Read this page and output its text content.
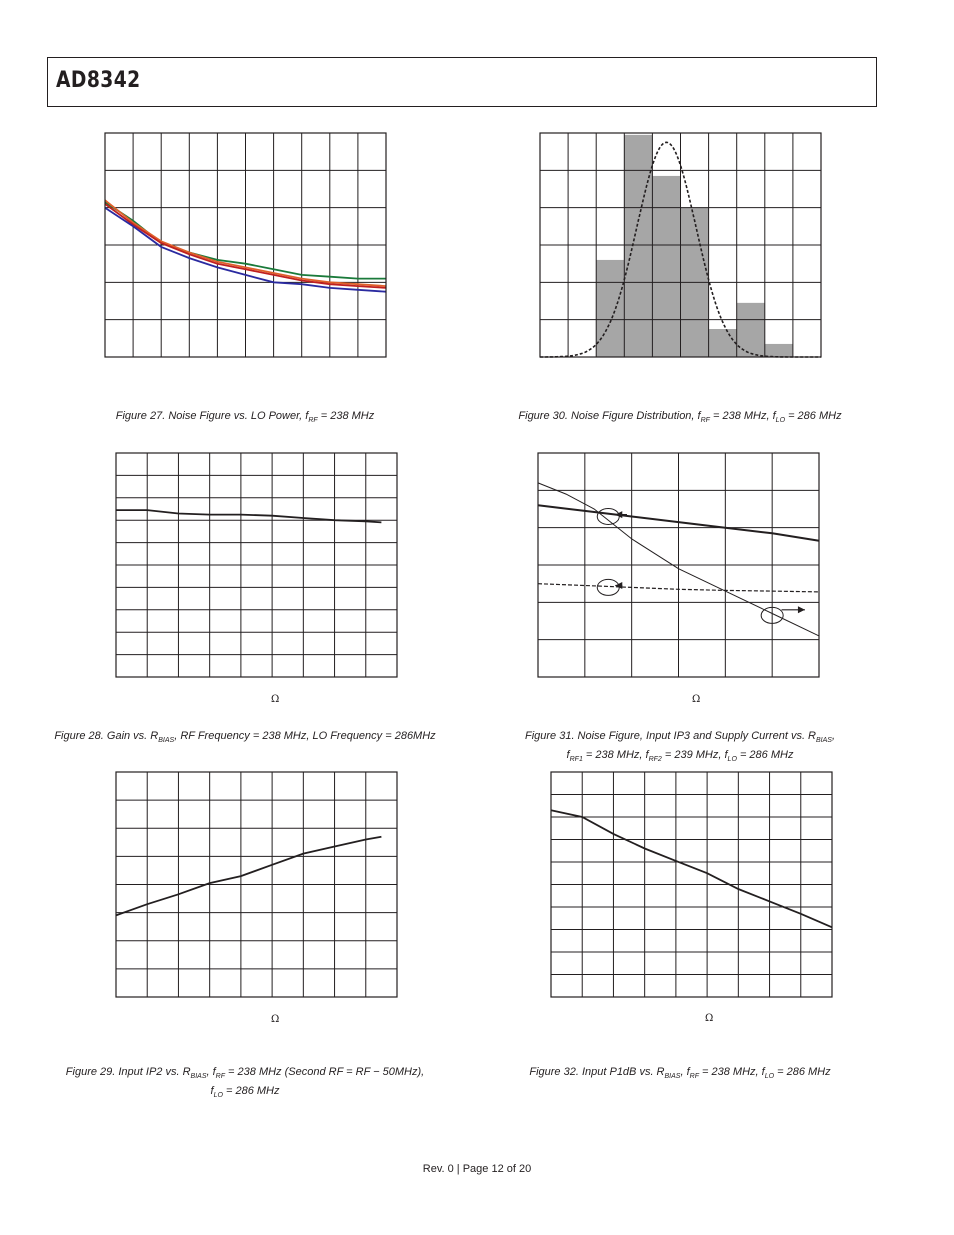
AD8342
Ω	Ω
Ω	Ω
Figure 27. Noise Figure vs. LO Power, $f_{RF} = 238$ MHz	Figure 30. Noise Figure Distribution, $f_{RF} = 238$ MHz, $f_{LO} = 286$ MHz
Figure 28. Gain vs. $R_{BIAS}$, RF Frequency = 238 MHz, LO Frequency = 286MHz	Figure 31. Noise Figure, Input IP3 and Supply Current vs. $R_{BIAS}$,
$f_{RF1} = 238$ MHz, $f_{RF2} = 239$ MHz, $f_{LO} = 286$ MHz
Figure 29. Input IP2 vs. $R_{BIAS}$, $f_{RF} = 238$ MHz (Second RF = RF − 50MHz),
$f_{LO} = 286$ MHz
Figure 32. Input P1dB vs. $R_{BIAS}$, $f_{RF} = 238$ MHz, $f_{LO} = 286$ MHz
Rev. 0 | Page 12 of 20
